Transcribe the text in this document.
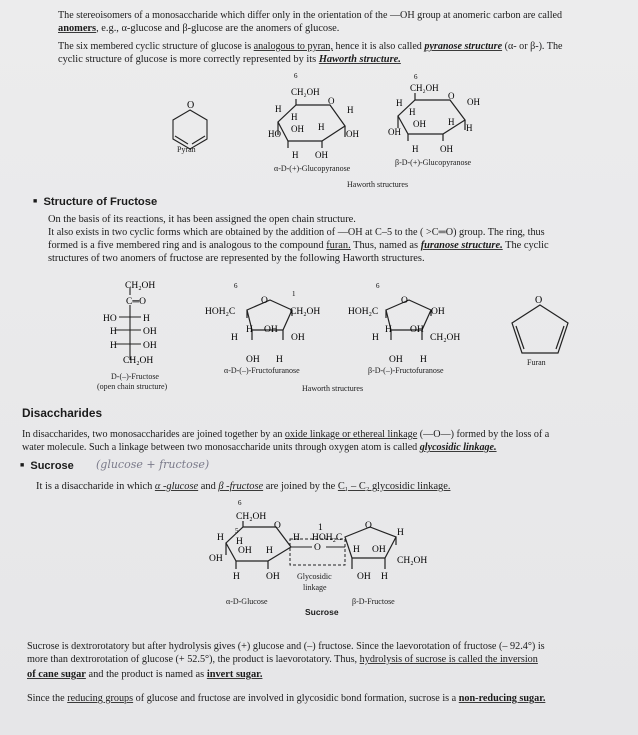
The stereoisomers of a monosaccharide which differ only in the orientation of the —OH group at anomeric carbon are called
anomers, e.g., α-glucose and β-glucose are the anomers of glucose.
The six membered cyclic structure of glucose is analogous to pyran, hence it is also called pyranose structure (α- or β-). The
cyclic structure of glucose is more correctly represented by its Haworth structure.
O
6
CH₂OH
H
O
H
H
OH H
HO	OH
H OH
6
CH₂OH
H
O
OH
H
OH H
OH	H
H OH
Pyran
α-D-(+)-Glucopyranose
β-D-(+)-Glucopyranose
Haworth structures
■ Structure of Fructose
On the basis of its reactions, it has been assigned the open chain structure.
It also exists in two cyclic forms which are obtained by the addition of —OH at C–5 to the ( >C═O) group. The ring, thus
formed is a five membered ring and is analogous to the compound furan. Thus, named as furanose structure. The cyclic
structures of two anomers of fructose are represented by the following Haworth structures.
CH₂OH
C═O
HO	H
H	OH
H	OH
CH₂OH
6
HOH₂C
O
1
CH₂OH
H OH
H	OH
OH H
6
HOH₂C
O
OH
H OH
H	CH₂OH
OH H
O
D-(–)-Fructose
(open chain structure)
α-D-(–)-Fructofuranose	β-D-(–)-Fructofuranose
Furan
Haworth structures
Disaccharides
In disaccharides, two monosaccharides are joined together by an oxide linkage or ethereal linkage (—O—) formed by the loss of a
water molecule. Such a linkage between two monosaccharide units through oxygen atom is called glycosidic linkage.
■ Sucrose (glucose + fructose)
It is a disaccharide in which α -glucose and β -fructose are joined by the C₁ – C₂ glycosidic linkage.
6
CH₂OH
H
5
H
O
H
OH H
OH
H	OH
O
1
HOH₂C
O
H
H OH
CH₂OH
OH H
Glycosidic
linkage
α-D-Glucose	β-D-Fructose
Sucrose
Sucrose is dextrorotatory but after hydrolysis gives (+) glucose and (–) fructose. Since the laevorotation of fructose (– 92.4°) is
more than dextrorotation of glucose (+ 52.5°), the product is laevorotatory. Thus, hydrolysis of sucrose is called the inversion
of cane sugar and the product is named as invert sugar.
Since the reducing groups of glucose and fructose are involved in glycosidic bond formation, sucrose is a non-reducing sugar.
